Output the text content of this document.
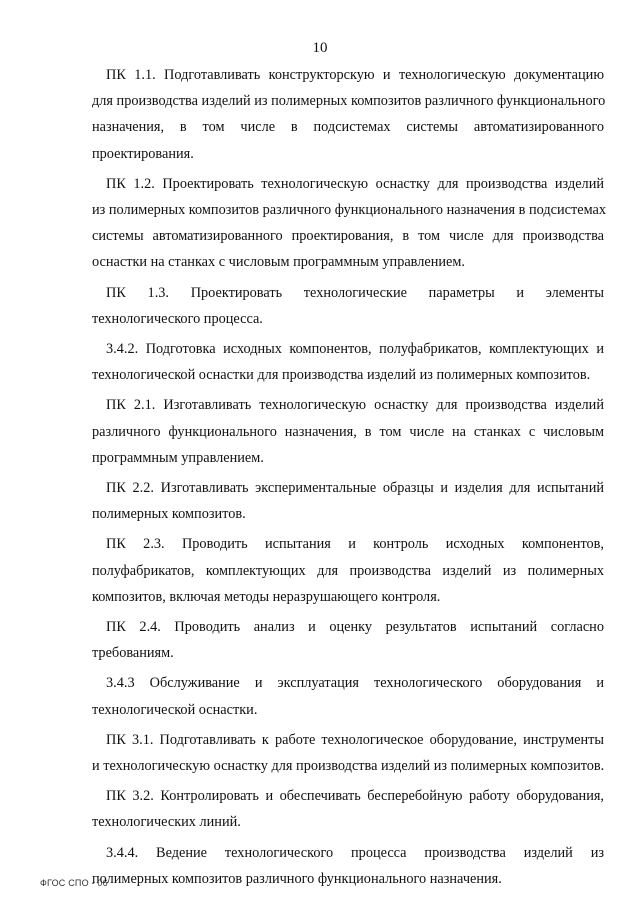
10

ПК 1.1. Подготавливать конструкторскую и технологическую документацию
для производства изделий из полимерных композитов различного функционального
назначения, в том числе в подсистемах системы автоматизированного
проектирования.

ПК 1.2. Проектировать технологическую оснастку для производства изделий
из полимерных композитов различного функционального назначения в подсистемах
системы автоматизированного проектирования, в том числе для производства
оснастки на станках с числовым программным управлением.

ПК 1.3. Проектировать технологические параметры и элементы
технологического процесса.

3.4.2. Подготовка исходных компонентов, полуфабрикатов, комплектующих и
технологической оснастки для производства изделий из полимерных композитов.

ПК 2.1. Изготавливать технологическую оснастку для производства изделий
различного функционального назначения, в том числе на станках с числовым
программным управлением.

ПК 2.2. Изготавливать экспериментальные образцы и изделия для испытаний
полимерных композитов.

ПК 2.3. Проводить испытания и контроль исходных компонентов,
полуфабрикатов, комплектующих для производства изделий из полимерных
композитов, включая методы неразрушающего контроля.

ПК 2.4. Проводить анализ и оценку результатов испытаний согласно
требованиям.

3.4.3 Обслуживание и эксплуатация технологического оборудования и
технологической оснастки.

ПК 3.1. Подготавливать к работе технологическое оборудование, инструменты
и технологическую оснастку для производства изделий из полимерных композитов.

ПК 3.2. Контролировать и обеспечивать бесперебойную работу оборудования,
технологических линий.

3.4.4. Ведение технологического процесса производства изделий из
полимерных композитов различного функционального назначения.

ФГОС СПО - 06
